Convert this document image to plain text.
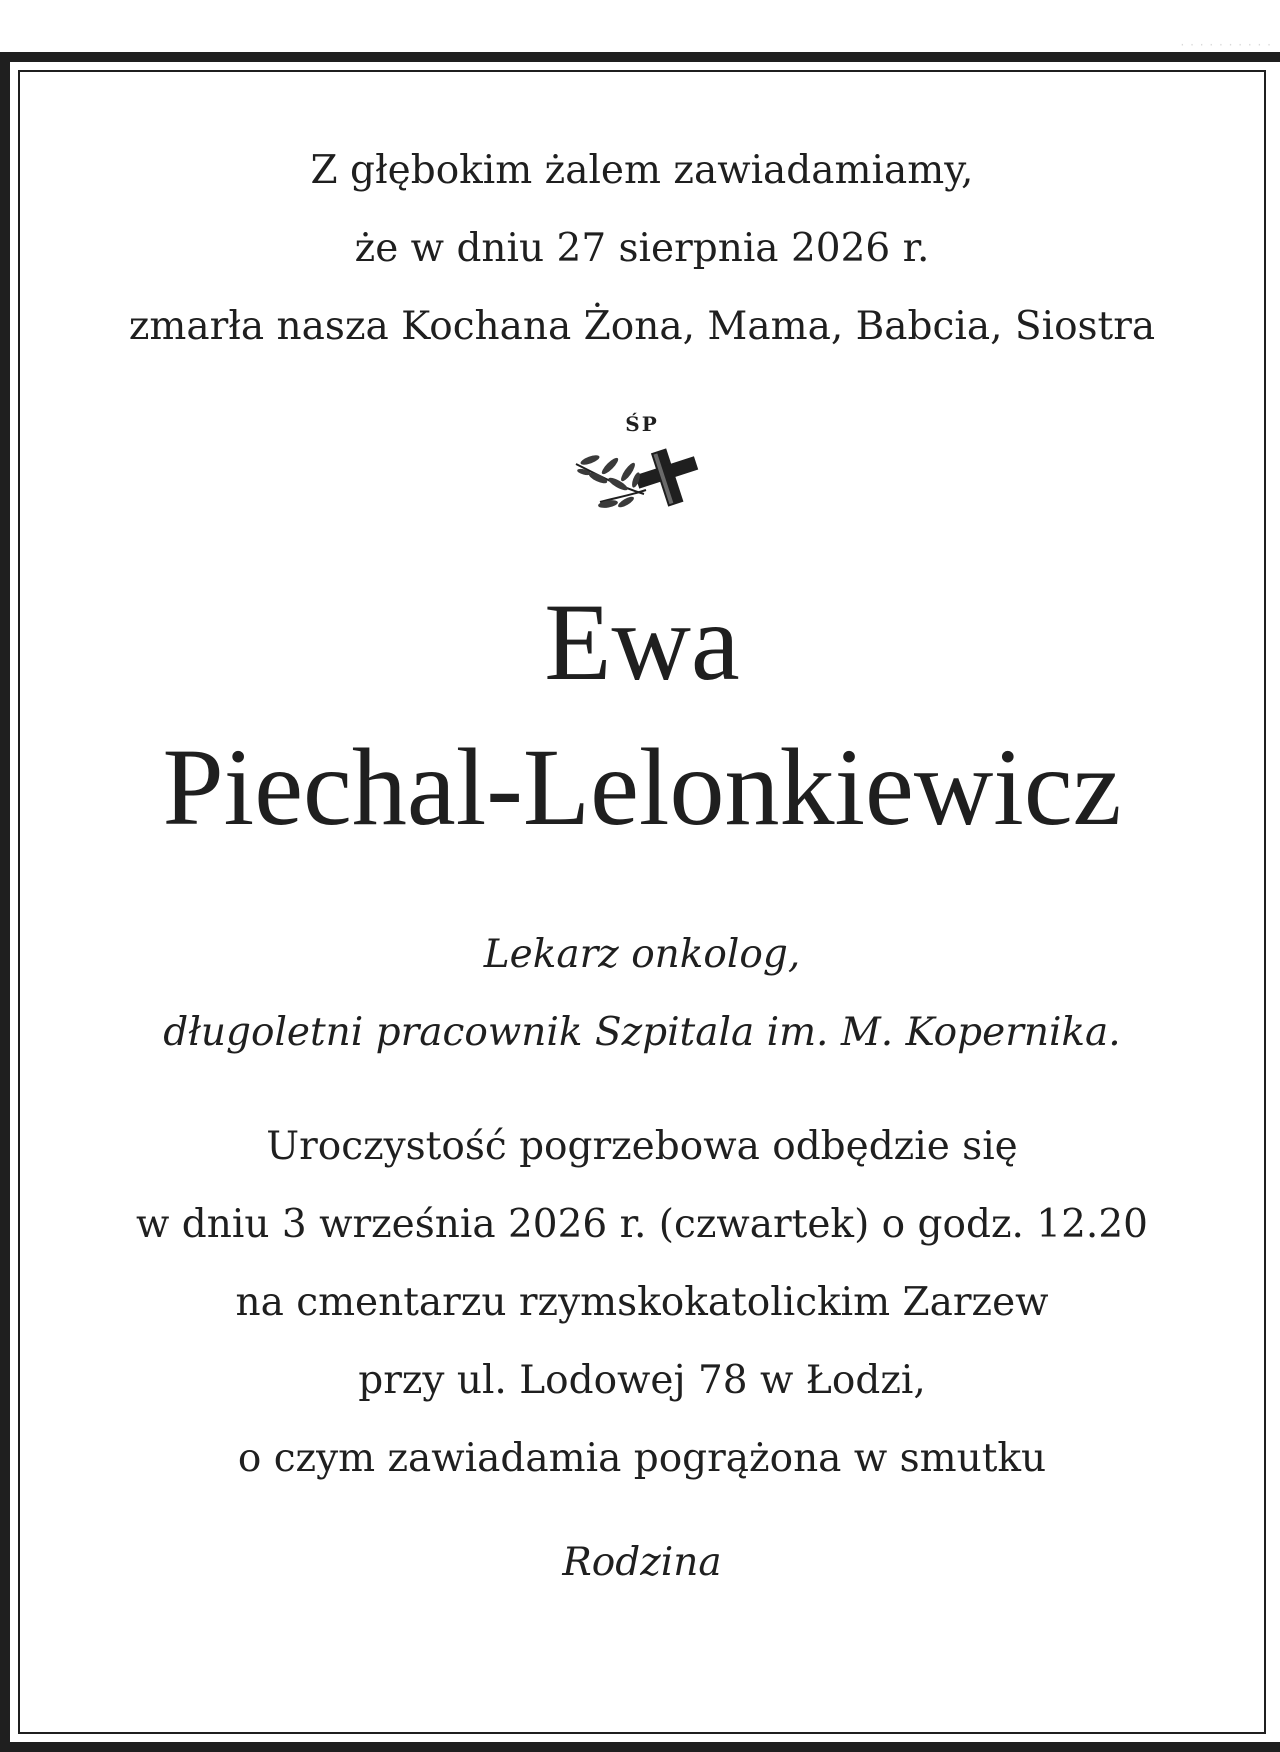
· · · · · · · · · ·
Z głębokim żalem zawiadamiamy,
że w dniu 27 sierpnia 2026 r.
zmarła nasza Kochana Żona, Mama, Babcia, Siostra
ŚP
Ewa
Piechal-Lelonkiewicz
Lekarz onkolog,
długoletni pracownik Szpitala im. M. Kopernika.
Uroczystość pogrzebowa odbędzie się
w dniu 3 września 2026 r. (czwartek) o godz. 12.20
na cmentarzu rzymskokatolickim Zarzew
przy ul. Lodowej 78 w Łodzi,
o czym zawiadamia pogrążona w smutku
Rodzina
